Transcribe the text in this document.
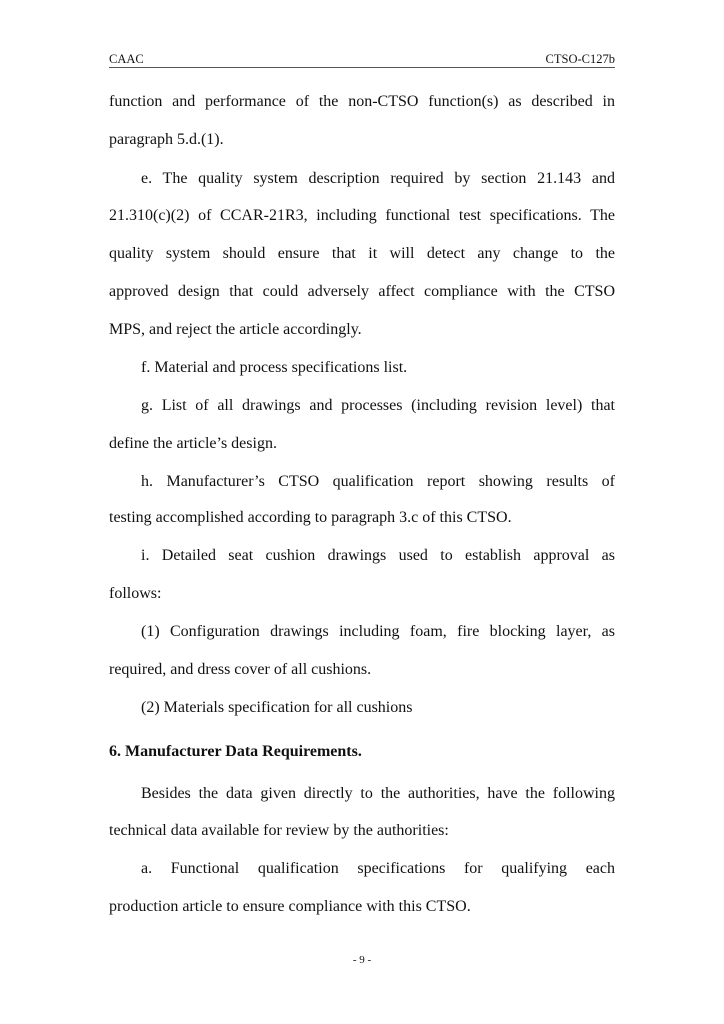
CAAC	CTSO-C127b
function and performance of the non-CTSO function(s) as described in
paragraph 5.d.(1).
e. The quality system description required by section 21.143 and
21.310(c)(2) of CCAR-21R3, including functional test specifications. The
quality system should ensure that it will detect any change to the
approved design that could adversely affect compliance with the CTSO
MPS, and reject the article accordingly.
f. Material and process specifications list.
g. List of all drawings and processes (including revision level) that
define the article’s design.
h. Manufacturer’s CTSO qualification report showing results of
testing accomplished according to paragraph 3.c of this CTSO.
i. Detailed seat cushion drawings used to establish approval as
follows:
(1) Configuration drawings including foam, fire blocking layer, as
required, and dress cover of all cushions.
(2) Materials specification for all cushions
6. Manufacturer Data Requirements.
Besides the data given directly to the authorities, have the following
technical data available for review by the authorities:
a. Functional qualification specifications for qualifying each
production article to ensure compliance with this CTSO.
- 9 -
